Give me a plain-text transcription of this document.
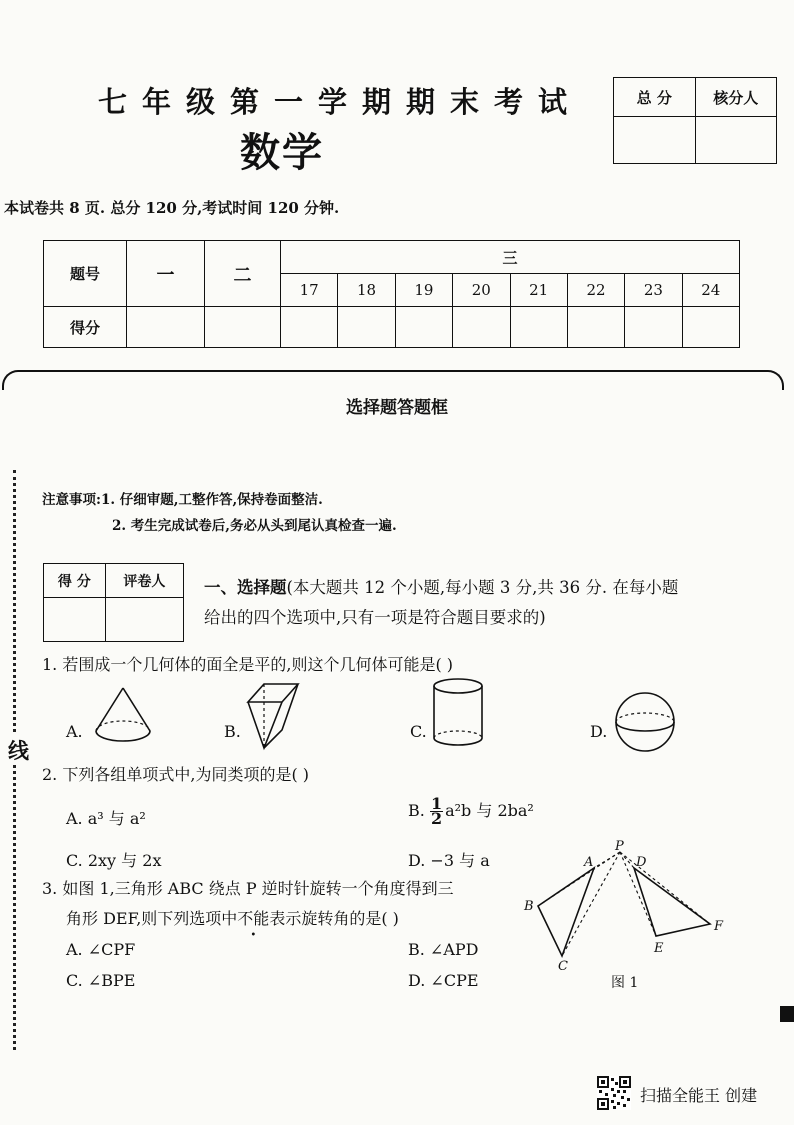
七年级第一学期期末考试
数学
总 分	核分人

本试卷共 8 页. 总分 120 分,考试时间 120 分钟.
题号	一	二	三							
			17	18	19	20	21	22	23	24
得分										
选择题答题框
线
注意事项:1. 仔细审题,工整作答,保持卷面整洁.
2. 考生完成试卷后,务必从头到尾认真检查一遍.
得 分	评卷人
	一、选择题(本大题共 12 个小题,每小题 3 分,共 36 分. 在每小题
给出的四个选项中,只有一项是符合题目要求的)
1. 若围成一个几何体的面全是平的,则这个几何体可能是( )
A.	B.	C.	D.
2. 下列各组单项式中,为同类项的是( )
A. a³ 与 a²	B. $\frac{1}{2} a^2b$ 与 2ba²
C. 2xy 与 2x	D. −3 与 a
3. 如图 1,三角形 ABC 绕点 P 逆时针旋转一个角度得到三
角形 DEF,则下列选项中不能表示旋转角的是( )
A. ∠CPF	B. ∠APD
C. ∠BPE	D. ∠CPE
A
P
D
B
C
E
F
图 1
扫描全能王 创建
